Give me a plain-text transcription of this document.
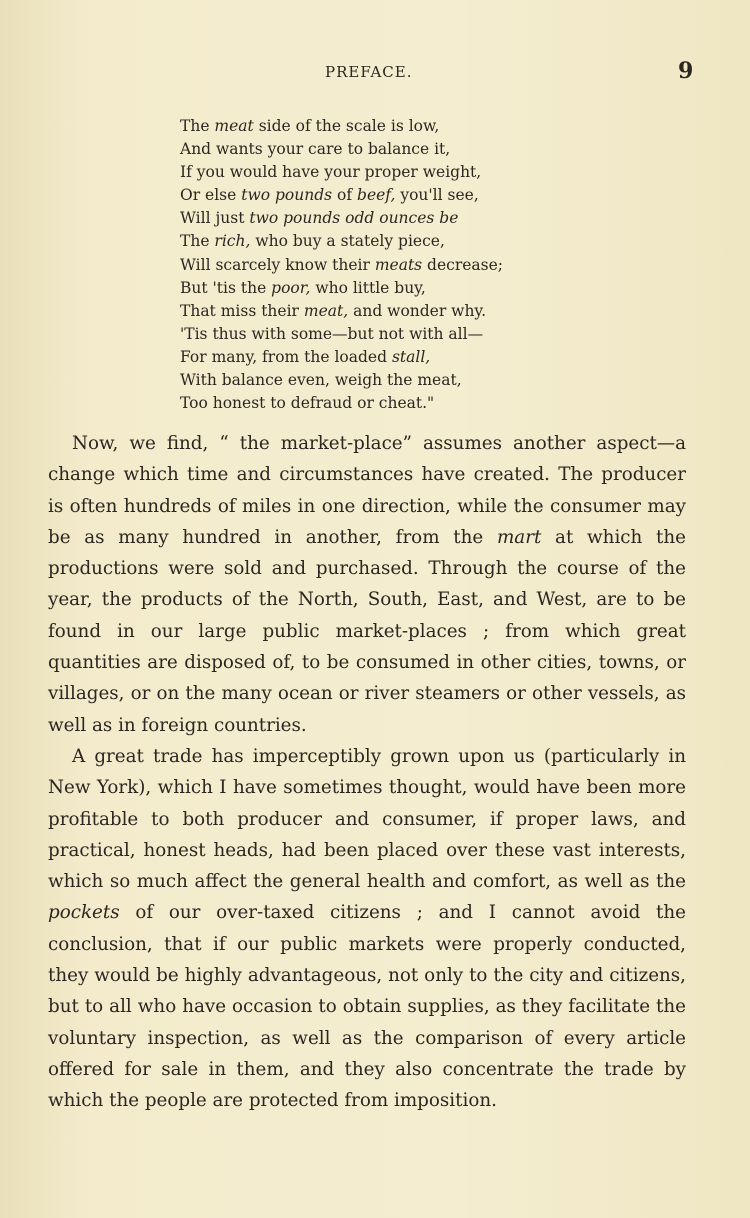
PREFACE.	9
The meat side of the scale is low,
And wants your care to balance it,
If you would have your proper weight,
Or else two pounds of beef, you'll see,
Will just two pounds odd ounces be
The rich, who buy a stately piece,
Will scarcely know their meats decrease;
But 'tis the poor, who little buy,
That miss their meat, and wonder why.
'Tis thus with some—but not with all—
For many, from the loaded stall,
With balance even, weigh the meat,
Too honest to defraud or cheat."

Now, we find, “ the market-place” assumes another aspect—a change which time and circumstances have created. The producer is often hundreds of miles in one direction, while the consumer may be as many hundred in another, from the mart at which the productions were sold and purchased. Through the course of the year, the products of the North, South, East, and West, are to be found in our large public market-places ; from which great quantities are disposed of, to be consumed in other cities, towns, or villages, or on the many ocean or river steamers or other vessels, as well as in foreign countries.

A great trade has imperceptibly grown upon us (particularly in New York), which I have sometimes thought, would have been more profitable to both producer and consumer, if proper laws, and practical, honest heads, had been placed over these vast interests, which so much affect the general health and comfort, as well as the pockets of our over-taxed citizens ; and I cannot avoid the conclusion, that if our public markets were properly conducted, they would be highly advantageous, not only to the city and citizens, but to all who have occasion to obtain supplies, as they facilitate the voluntary inspection, as well as the comparison of every article offered for sale in them, and they also concentrate the trade by which the people are protected from imposition.
